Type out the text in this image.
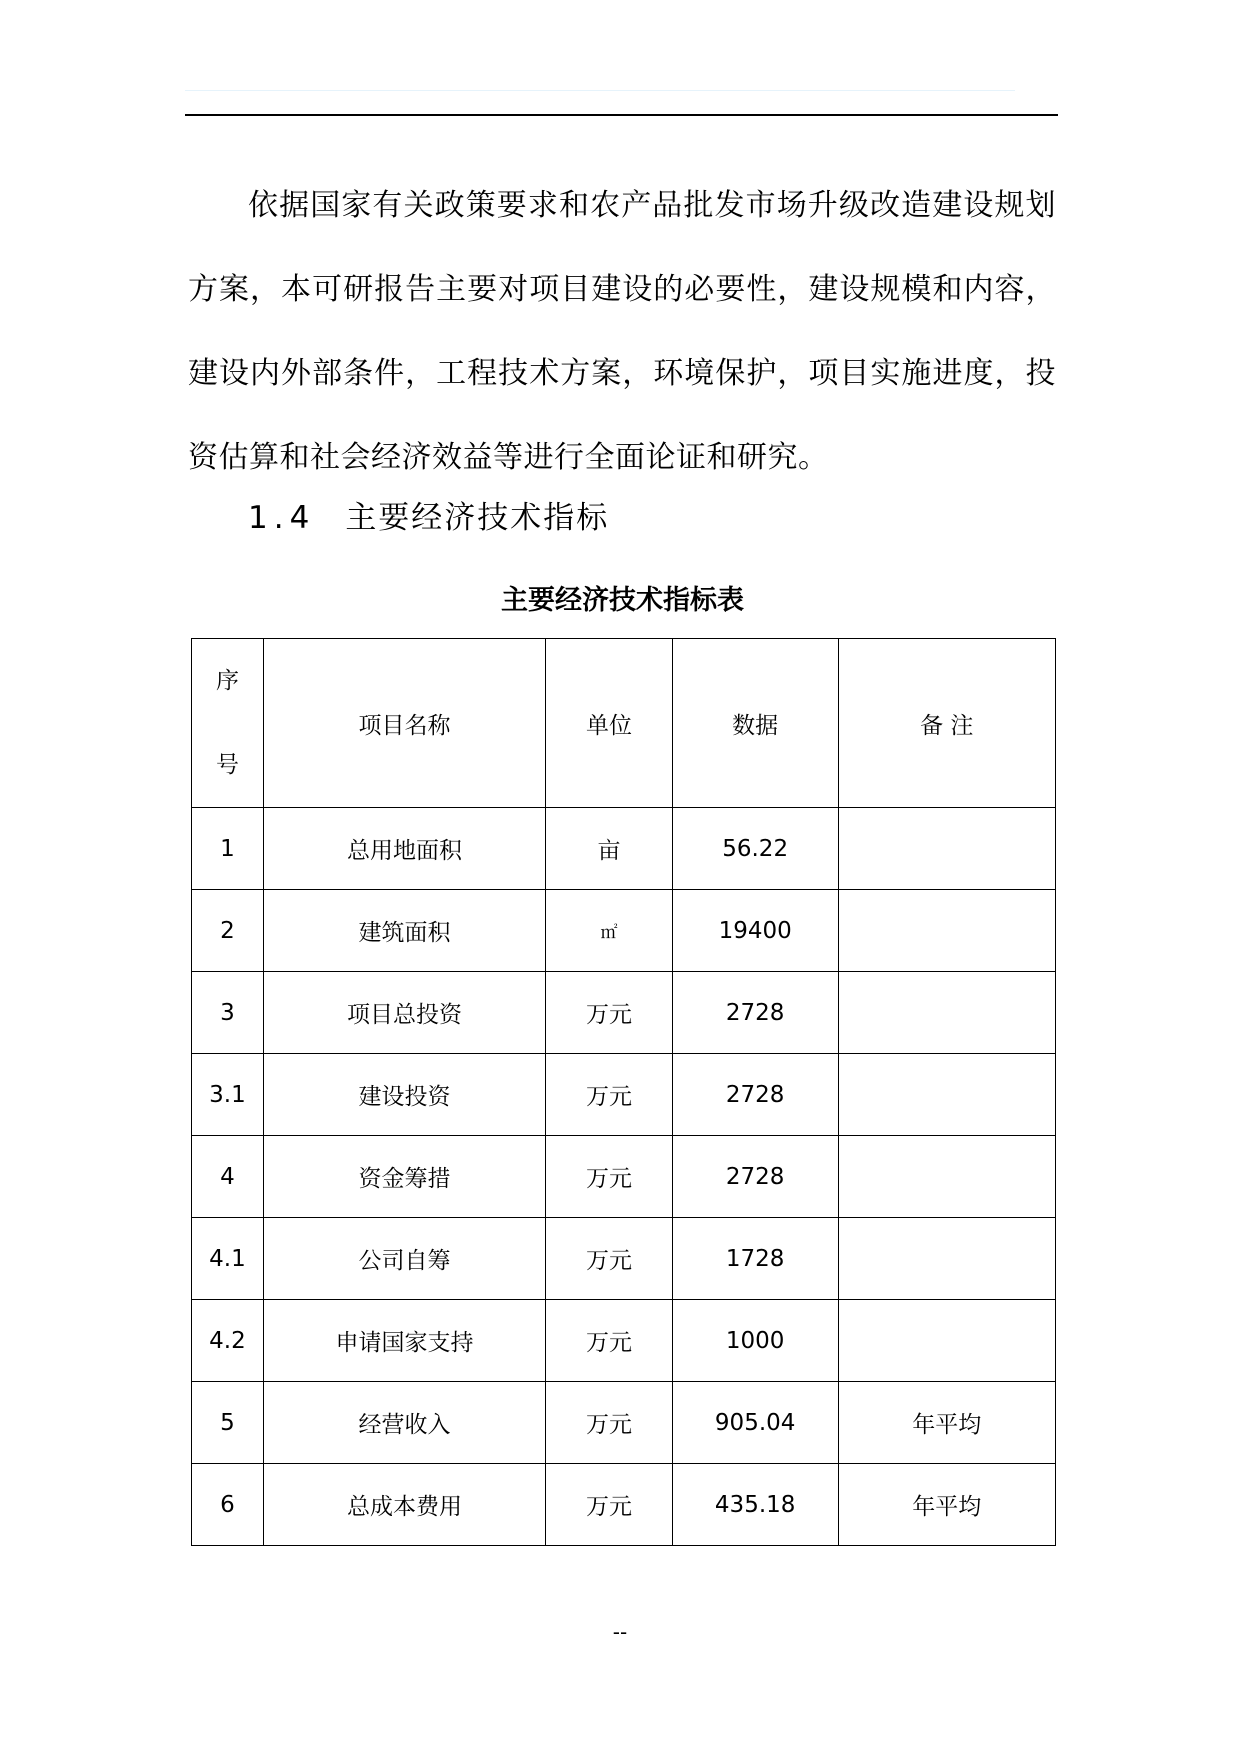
依据国家有关政策要求和农产品批发市场升级改造建设规划方案，本可研报告主要对项目建设的必要性，建设规模和内容，建设内外部条件，工程技术方案，环境保护，项目实施进度，投资估算和社会经济效益等进行全面论证和研究。

1.4 主要经济技术指标
主要经济技术指标表
序
号	项目名称	单位	数据	备 注
1	总用地面积	亩	56.22	
2	建筑面积	㎡	19400	
3	项目总投资	万元	2728	
3.1	建设投资	万元	2728	
4	资金筹措	万元	2728	
4.1	公司自筹	万元	1728	
4.2	申请国家支持	万元	1000	
5	经营收入	万元	905.04	年平均
6	总成本费用	万元	435.18	年平均
--
